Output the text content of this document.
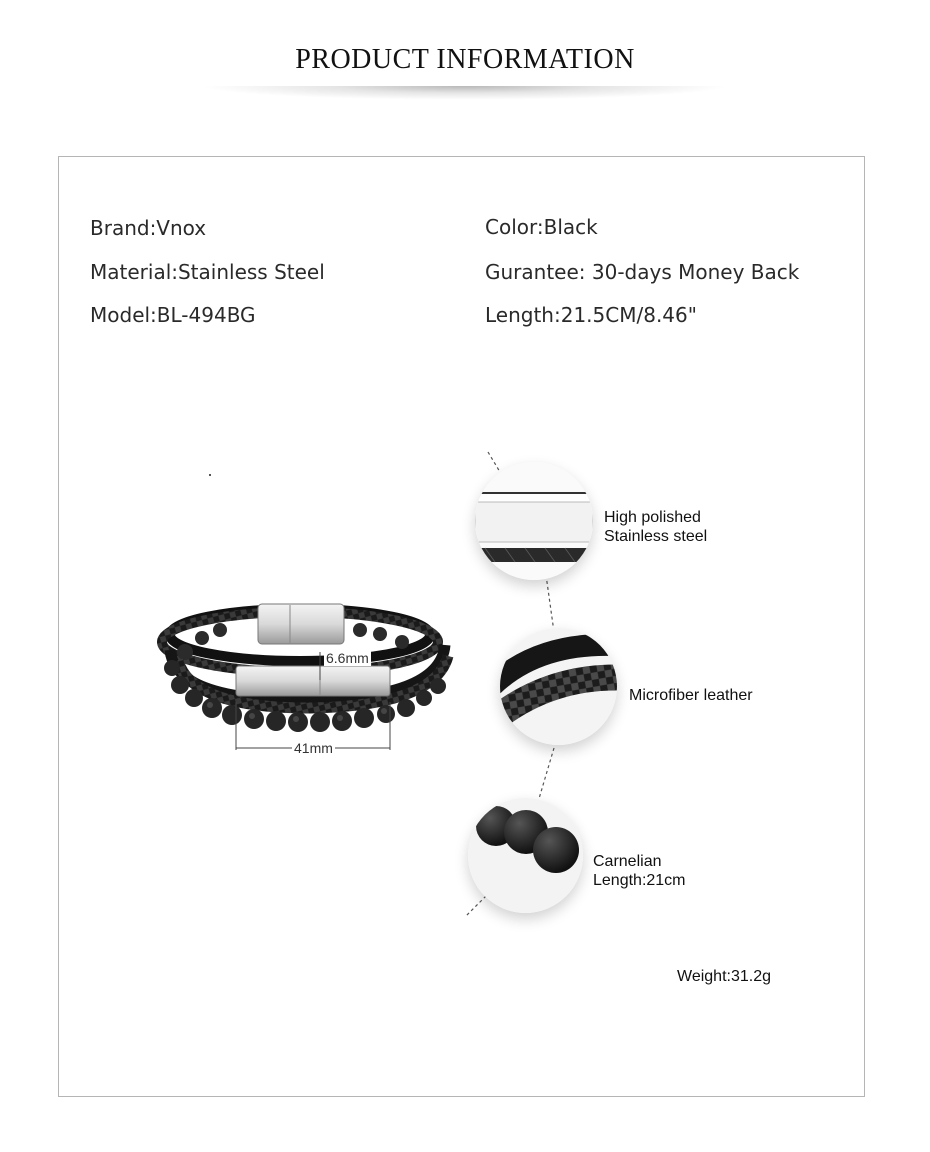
PRODUCT INFORMATION
Brand:Vnox	Color:Black
Material:Stainless Steel	Gurantee: 30-days Money Back
Model:BL-494BG	Length:21.5CM/8.46"
6.6mm
41mm
High polished
Stainless steel
Microfiber leather
Carnelian
Length:21cm
Weight:31.2g
